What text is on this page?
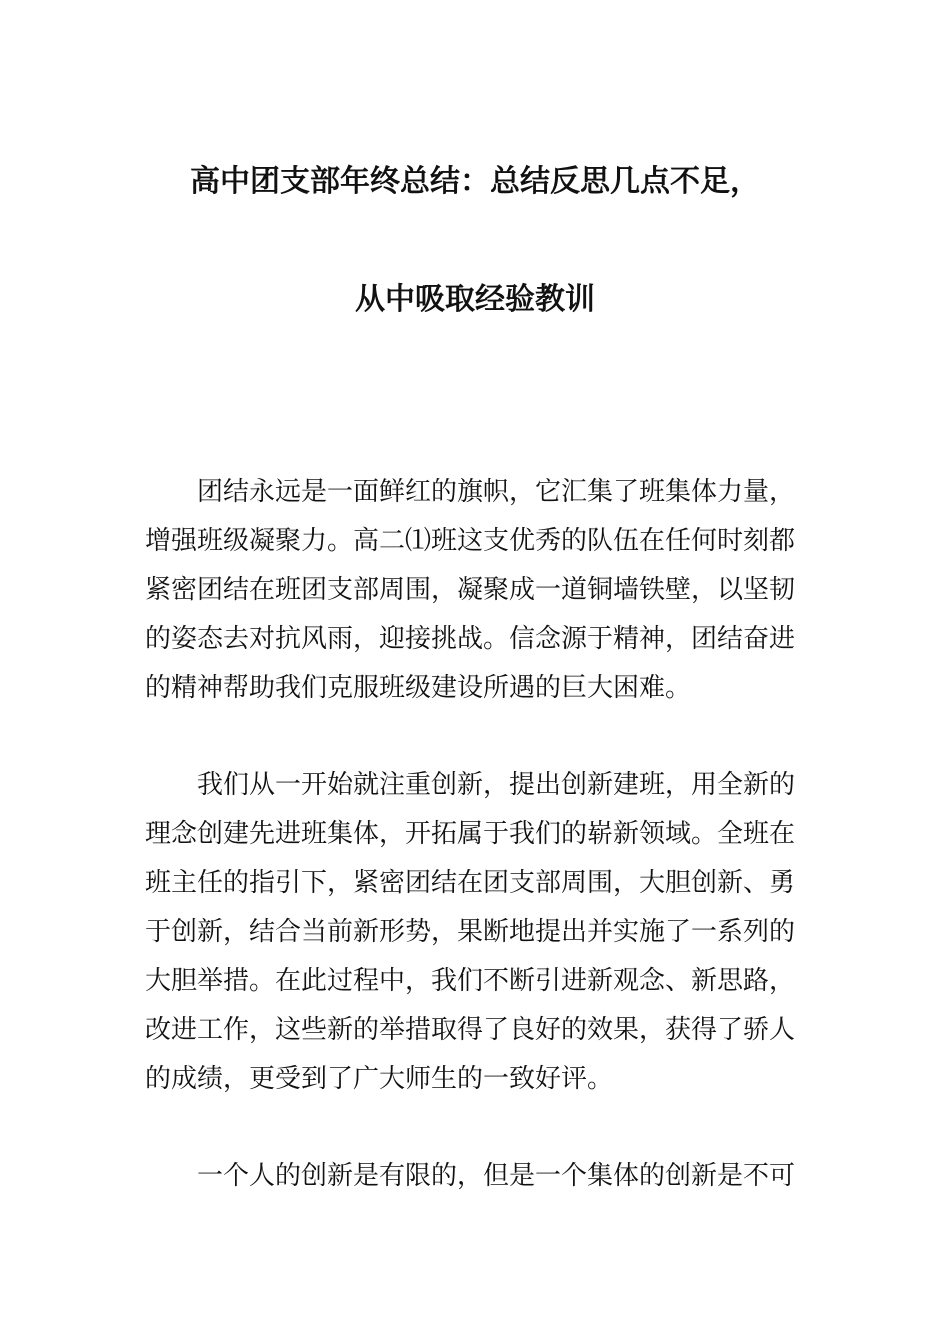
高中团支部年终总结：总结反思几点不足，
从中吸取经验教训

团结永远是一面鲜红的旗帜，它汇集了班集体力量，
增强班级凝聚力。高二⑴班这支优秀的队伍在任何时刻都
紧密团结在班团支部周围，凝聚成一道铜墙铁壁，以坚韧
的姿态去对抗风雨，迎接挑战。信念源于精神，团结奋进
的精神帮助我们克服班级建设所遇的巨大困难。

我们从一开始就注重创新，提出创新建班，用全新的
理念创建先进班集体，开拓属于我们的崭新领域。全班在
班主任的指引下，紧密团结在团支部周围，大胆创新、勇
于创新，结合当前新形势，果断地提出并实施了一系列的
大胆举措。在此过程中，我们不断引进新观念、新思路，
改进工作，这些新的举措取得了良好的效果，获得了骄人
的成绩，更受到了广大师生的一致好评。

一个人的创新是有限的，但是一个集体的创新是不可
